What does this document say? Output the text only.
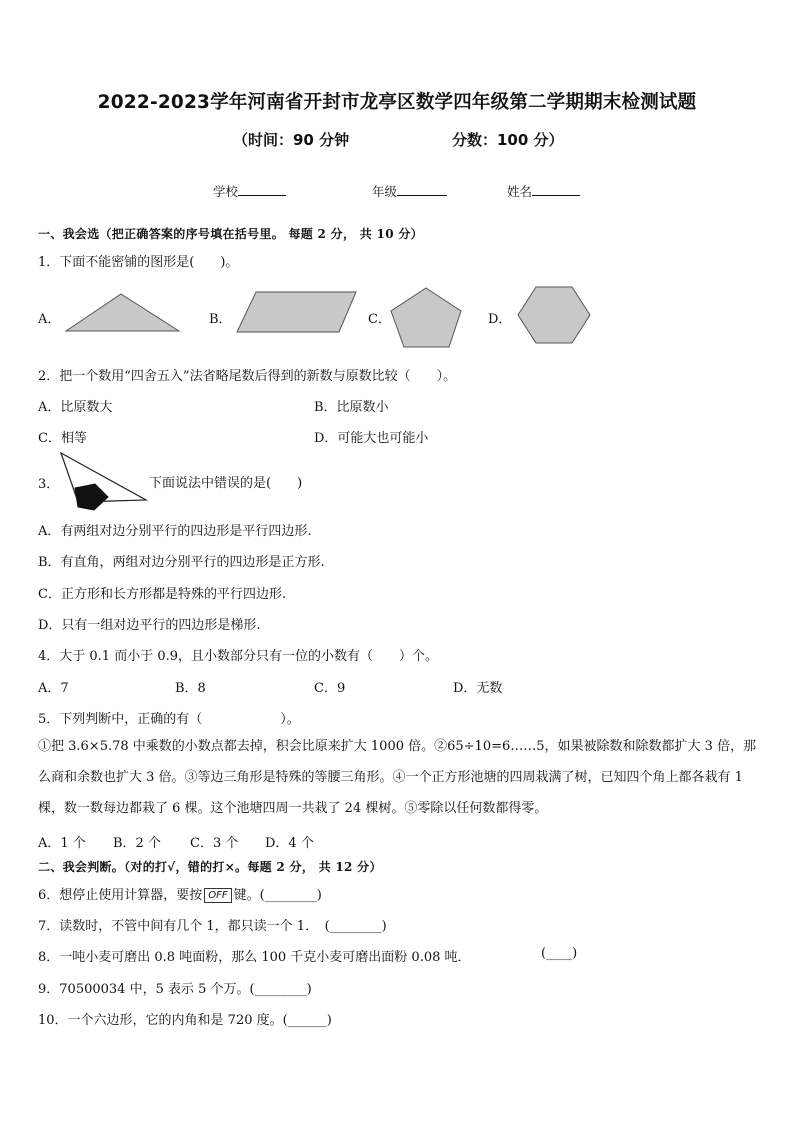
2022-2023学年河南省开封市龙亭区数学四年级第二学期期末检测试题
（时间：90 分钟	分数：100 分）
学校	年级	姓名
一、我会选（把正确答案的序号填在括号里。 每题 2 分， 共 10 分）
1．下面不能密铺的图形是(　　)。
A．	B．	C．	D．
2．把一个数用“四舍五入”法省略尾数后得到的新数与原数比较（　　）。
A．比原数大	B．比原数小
C．相等	D．可能大也可能小
3．	下面说法中错误的是(　　)
A．有两组对边分别平行的四边形是平行四边形.
B．有直角，两组对边分别平行的四边形是正方形.
C．正方形和长方形都是特殊的平行四边形.
D．只有一组对边平行的四边形是梯形.
4．大于 0.1 而小于 0.9，且小数部分只有一位的小数有（　　）个。
A．7	B．8	C．9	D．无数
5．下列判断中，正确的有（　　　　　　）。
①把 3.6×5.78 中乘数的小数点都去掉，积会比原来扩大 1000 倍。②65÷10=6……5，如果被除数和除数都扩大 3 倍，那么商和余数也扩大 3 倍。③等边三角形是特殊的等腰三角形。④一个正方形池塘的四周栽满了树，已知四个角上都各栽有 1 棵，数一数每边都栽了 6 棵。这个池塘四周一共栽了 24 棵树。⑤零除以任何数都得零。
A．1 个 B．2 个 C．3 个 D．4 个
二、我会判断。（对的打√，错的打×。每题 2 分， 共 12 分）
6．想停止使用计算器，要按 OFF 键。(________)
7．读数时，不管中间有几个 1，都只读一个 1．　(________)
8．一吨小麦可磨出 0.8 吨面粉，那么 100 千克小麦可磨出面粉 0.08 吨．	(____)
9．70500034 中，5 表示 5 个万。(________)
10．一个六边形，它的内角和是 720 度。(______)
